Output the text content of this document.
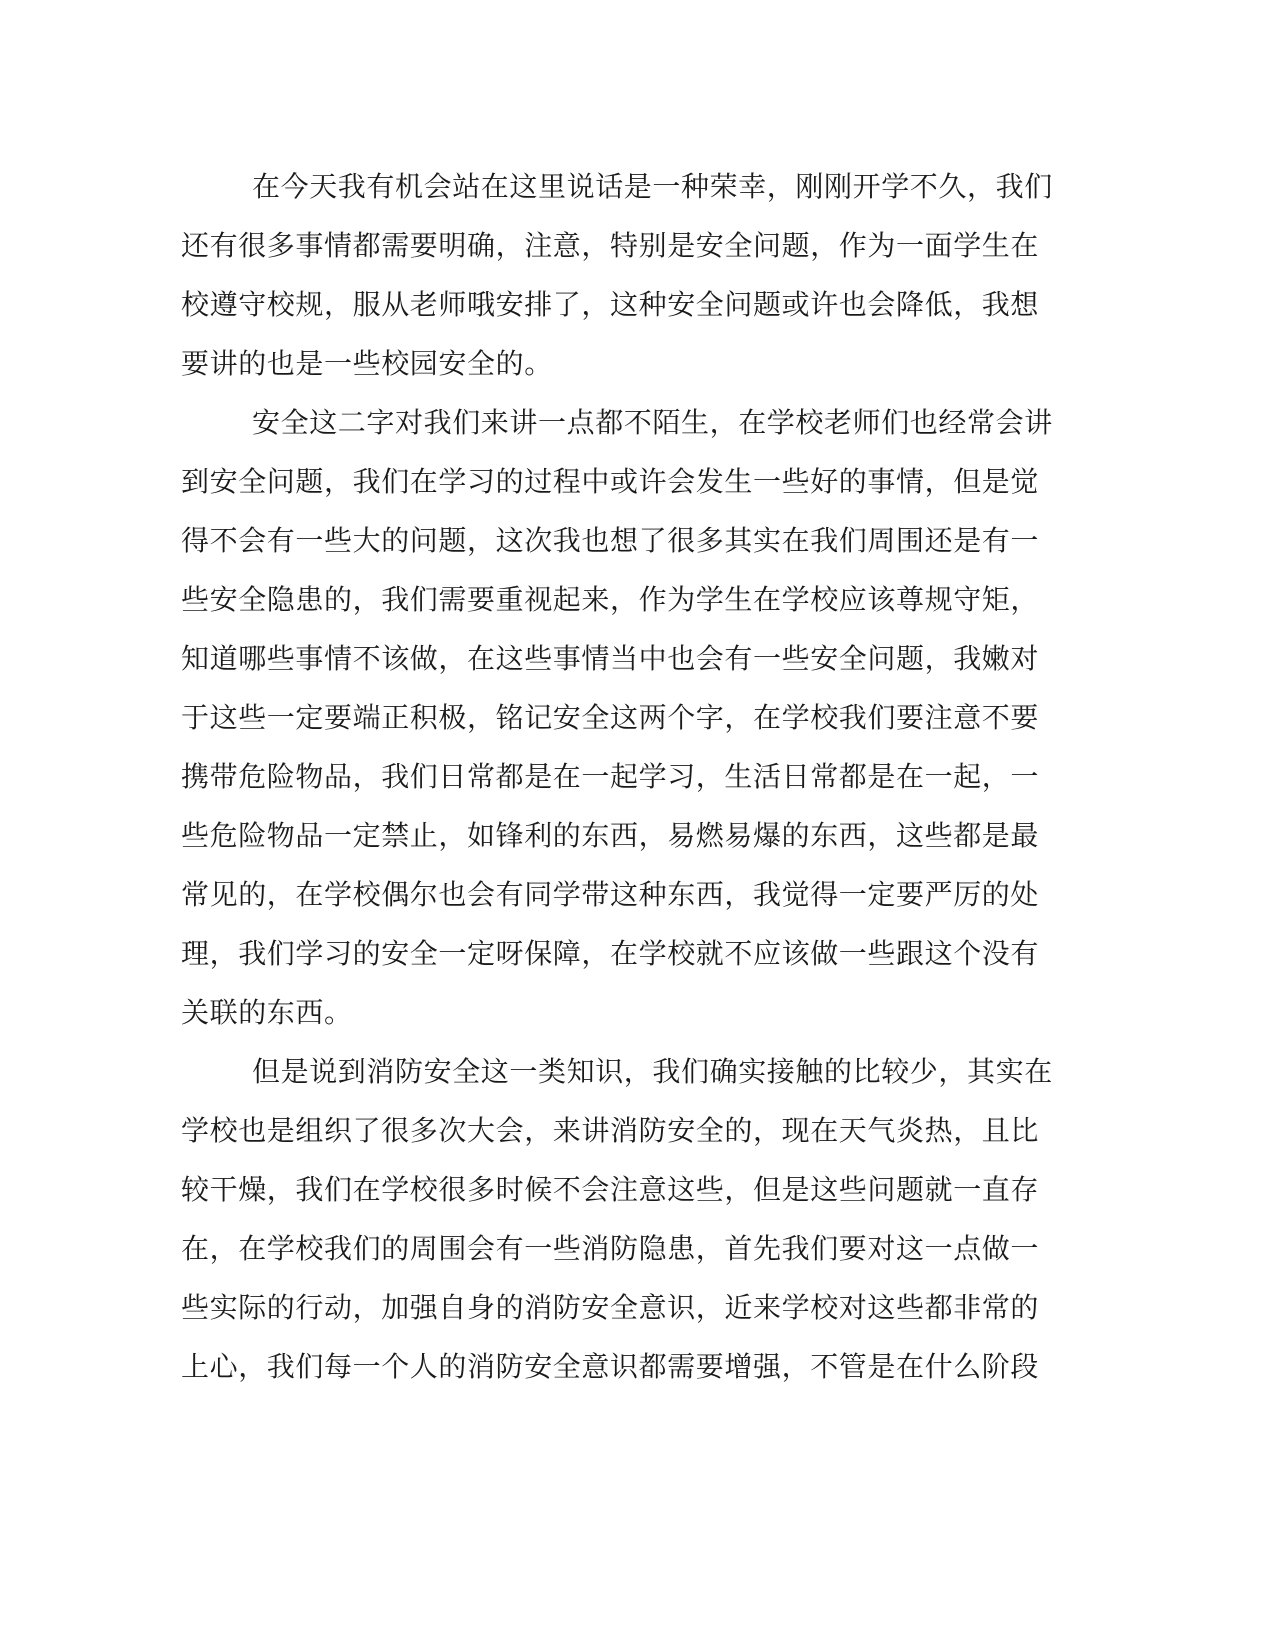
在今天我有机会站在这里说话是一种荣幸，刚刚开学不久，我们
还有很多事情都需要明确，注意，特别是安全问题，作为一面学生在
校遵守校规，服从老师哦安排了，这种安全问题或许也会降低，我想
要讲的也是一些校园安全的。
安全这二字对我们来讲一点都不陌生，在学校老师们也经常会讲
到安全问题，我们在学习的过程中或许会发生一些好的事情，但是觉
得不会有一些大的问题，这次我也想了很多其实在我们周围还是有一
些安全隐患的，我们需要重视起来，作为学生在学校应该尊规守矩，
知道哪些事情不该做，在这些事情当中也会有一些安全问题，我嫩对
于这些一定要端正积极，铭记安全这两个字，在学校我们要注意不要
携带危险物品，我们日常都是在一起学习，生活日常都是在一起，一
些危险物品一定禁止，如锋利的东西，易燃易爆的东西，这些都是最
常见的，在学校偶尔也会有同学带这种东西，我觉得一定要严厉的处
理，我们学习的安全一定呀保障，在学校就不应该做一些跟这个没有
关联的东西。
但是说到消防安全这一类知识，我们确实接触的比较少，其实在
学校也是组织了很多次大会，来讲消防安全的，现在天气炎热，且比
较干燥，我们在学校很多时候不会注意这些，但是这些问题就一直存
在，在学校我们的周围会有一些消防隐患，首先我们要对这一点做一
些实际的行动，加强自身的消防安全意识，近来学校对这些都非常的
上心，我们每一个人的消防安全意识都需要增强，不管是在什么阶段
